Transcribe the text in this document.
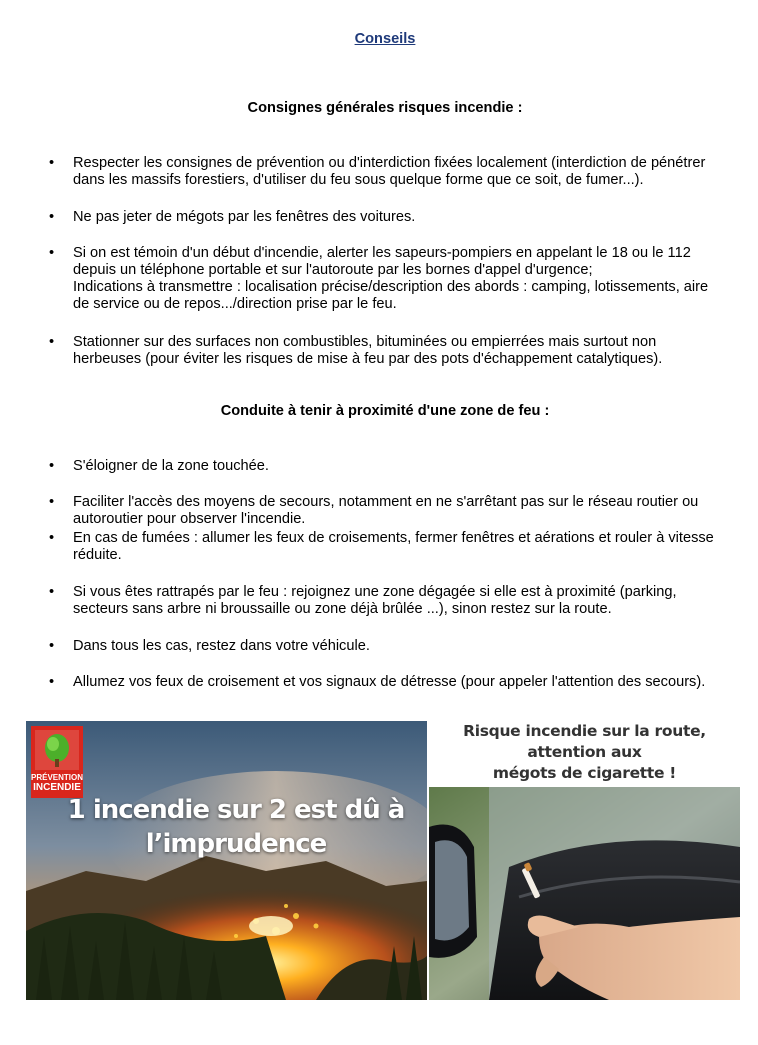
Conseils
Consignes générales risques incendie :
• Respecter les consignes de prévention ou d'interdiction fixées localement (interdiction de pénétrer
dans les massifs forestiers, d'utiliser du feu sous quelque forme que ce soit, de fumer...).
• Ne pas jeter de mégots par les fenêtres des voitures.
• Si on est témoin d'un début d'incendie, alerter les sapeurs-pompiers en appelant le 18 ou le 112
depuis un téléphone portable et sur l'autoroute par les bornes d'appel d'urgence;
Indications à transmettre : localisation précise/description des abords : camping, lotissements, aire
de service ou de repos.../direction prise par le feu.
• Stationner sur des surfaces non combustibles, bituminées ou empierrées mais surtout non
herbeuses (pour éviter les risques de mise à feu par des pots d'échappement catalytiques).
Conduite à tenir à proximité d'une zone de feu :
• S'éloigner de la zone touchée.
• Faciliter l'accès des moyens de secours, notamment en ne s'arrêtant pas sur le réseau routier ou
autoroutier pour observer l'incendie.
• En cas de fumées : allumer les feux de croisements, fermer fenêtres et aérations et rouler à vitesse
réduite.
• Si vous êtes rattrapés par le feu : rejoignez une zone dégagée si elle est à proximité (parking,
secteurs sans arbre ni broussaille ou zone déjà brûlée ...), sinon restez sur la route.
• Dans tous les cas, restez dans votre véhicule.
• Allumez vos feux de croisement et vos signaux de détresse (pour appeler l'attention des secours).
PRÉVENTION
INCENDIE
1 incendie sur 2 est dû à
l’imprudence
Risque incendie sur la route, attention aux
mégots de cigarette !
